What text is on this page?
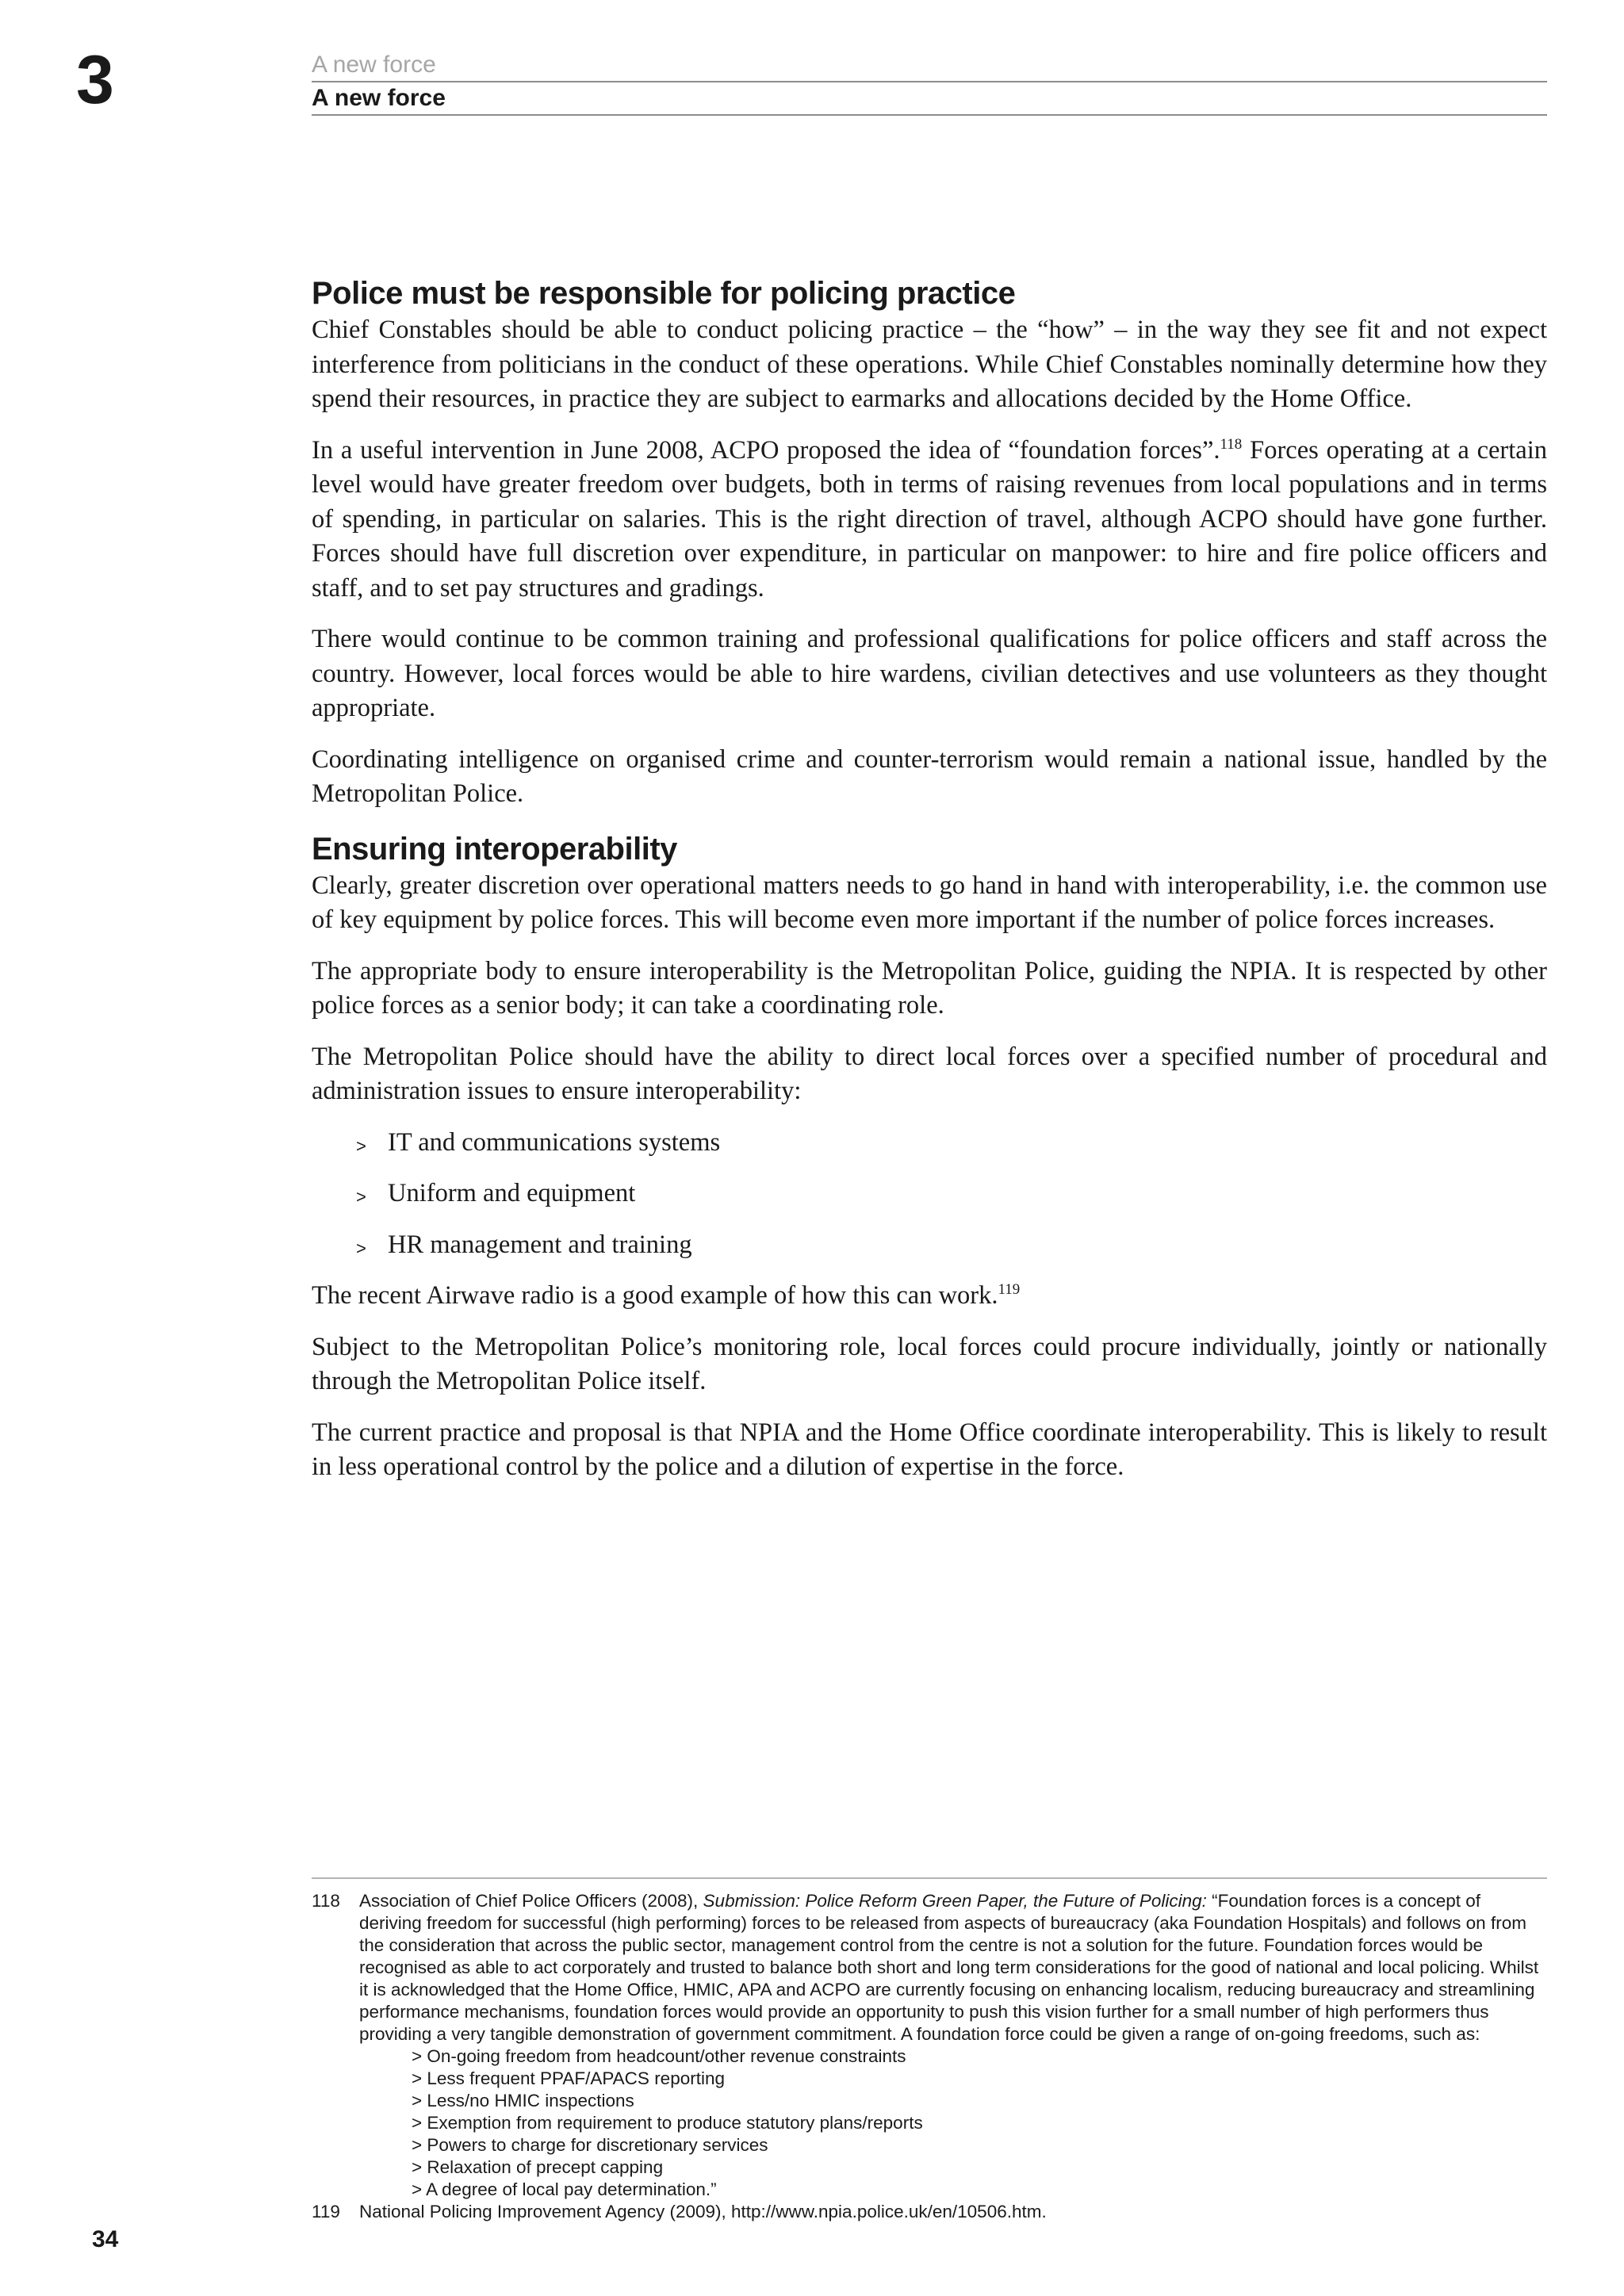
3	A new force
A new force
Police must be responsible for policing practice

Chief Constables should be able to conduct policing practice – the “how” – in the way they see fit and not expect interference from politicians in the conduct of these operations. While Chief Constables nominally determine how they spend their resources, in practice they are subject to earmarks and allocations decided by the Home Office.

In a useful intervention in June 2008, ACPO proposed the idea of “foundation forces”.$^{118}$ Forces operating at a certain level would have greater freedom over budgets, both in terms of raising revenues from local populations and in terms of spending, in particular on salaries. This is the right direction of travel, although ACPO should have gone further. Forces should have full discretion over expenditure, in particular on manpower: to hire and fire police officers and staff, and to set pay structures and gradings.

There would continue to be common training and professional qualifications for police officers and staff across the country. However, local forces would be able to hire wardens, civilian detectives and use volunteers as they thought appropriate.

Coordinating intelligence on organised crime and counter-terrorism would remain a national issue, handled by the Metropolitan Police.

Ensuring interoperability

Clearly, greater discretion over operational matters needs to go hand in hand with interoperability, i.e. the common use of key equipment by police forces. This will become even more important if the number of police forces increases.

The appropriate body to ensure interoperability is the Metropolitan Police, guiding the NPIA. It is respected by other police forces as a senior body; it can take a coordinating role.

The Metropolitan Police should have the ability to direct local forces over a specified number of procedural and administration issues to ensure interoperability:

> IT and communications systems
> Uniform and equipment
> HR management and training

The recent Airwave radio is a good example of how this can work.$^{119}$

Subject to the Metropolitan Police’s monitoring role, local forces could procure individually, jointly or nationally through the Metropolitan Police itself.

The current practice and proposal is that NPIA and the Home Office coordinate interoperability. This is likely to result in less operational control by the police and a dilution of expertise in the force.

118 Association of Chief Police Officers (2008), Submission: Police Reform Green Paper, the Future of Policing: “Foundation forces is a concept of deriving freedom for successful (high performing) forces to be released from aspects of bureaucracy (aka Foundation Hospitals) and follows on from the consideration that across the public sector, management control from the centre is not a solution for the future. Foundation forces would be recognised as able to act corporately and trusted to balance both short and long term considerations for the good of national and local policing. Whilst it is acknowledged that the Home Office, HMIC, APA and ACPO are currently focusing on enhancing localism, reducing bureaucracy and streamlining performance mechanisms, foundation forces would provide an opportunity to push this vision further for a small number of high performers thus providing a very tangible demonstration of government commitment. A foundation force could be given a range of on-going freedoms, such as:
> On-going freedom from headcount/other revenue constraints
> Less frequent PPAF/APACS reporting
> Less/no HMIC inspections
> Exemption from requirement to produce statutory plans/reports
> Powers to charge for discretionary services
> Relaxation of precept capping
> A degree of local pay determination.”
119 National Policing Improvement Agency (2009), http://www.npia.police.uk/en/10506.htm.
34
